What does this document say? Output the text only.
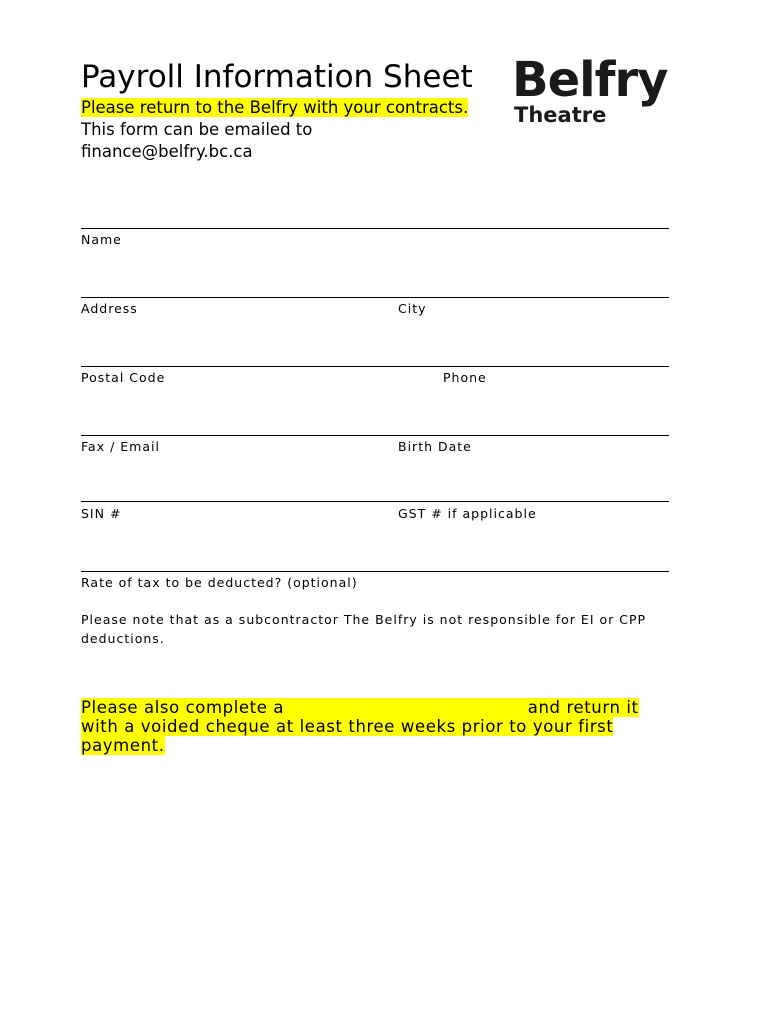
Payroll Information Sheet
Please return to the Belfry with your contracts.
This form can be emailed to
finance@belfry.bc.ca
Belfry
Theatre
Name
Address	City
Postal Code	Phone
Fax / Email	Birth Date
SIN #	GST # if applicable
Rate of tax to be deducted? (optional)
Please note that as a subcontractor The Belfry is not responsible for EI or CPP deductions.
Please also complete a	and return it
with a voided cheque at least three weeks prior to your first
payment.
